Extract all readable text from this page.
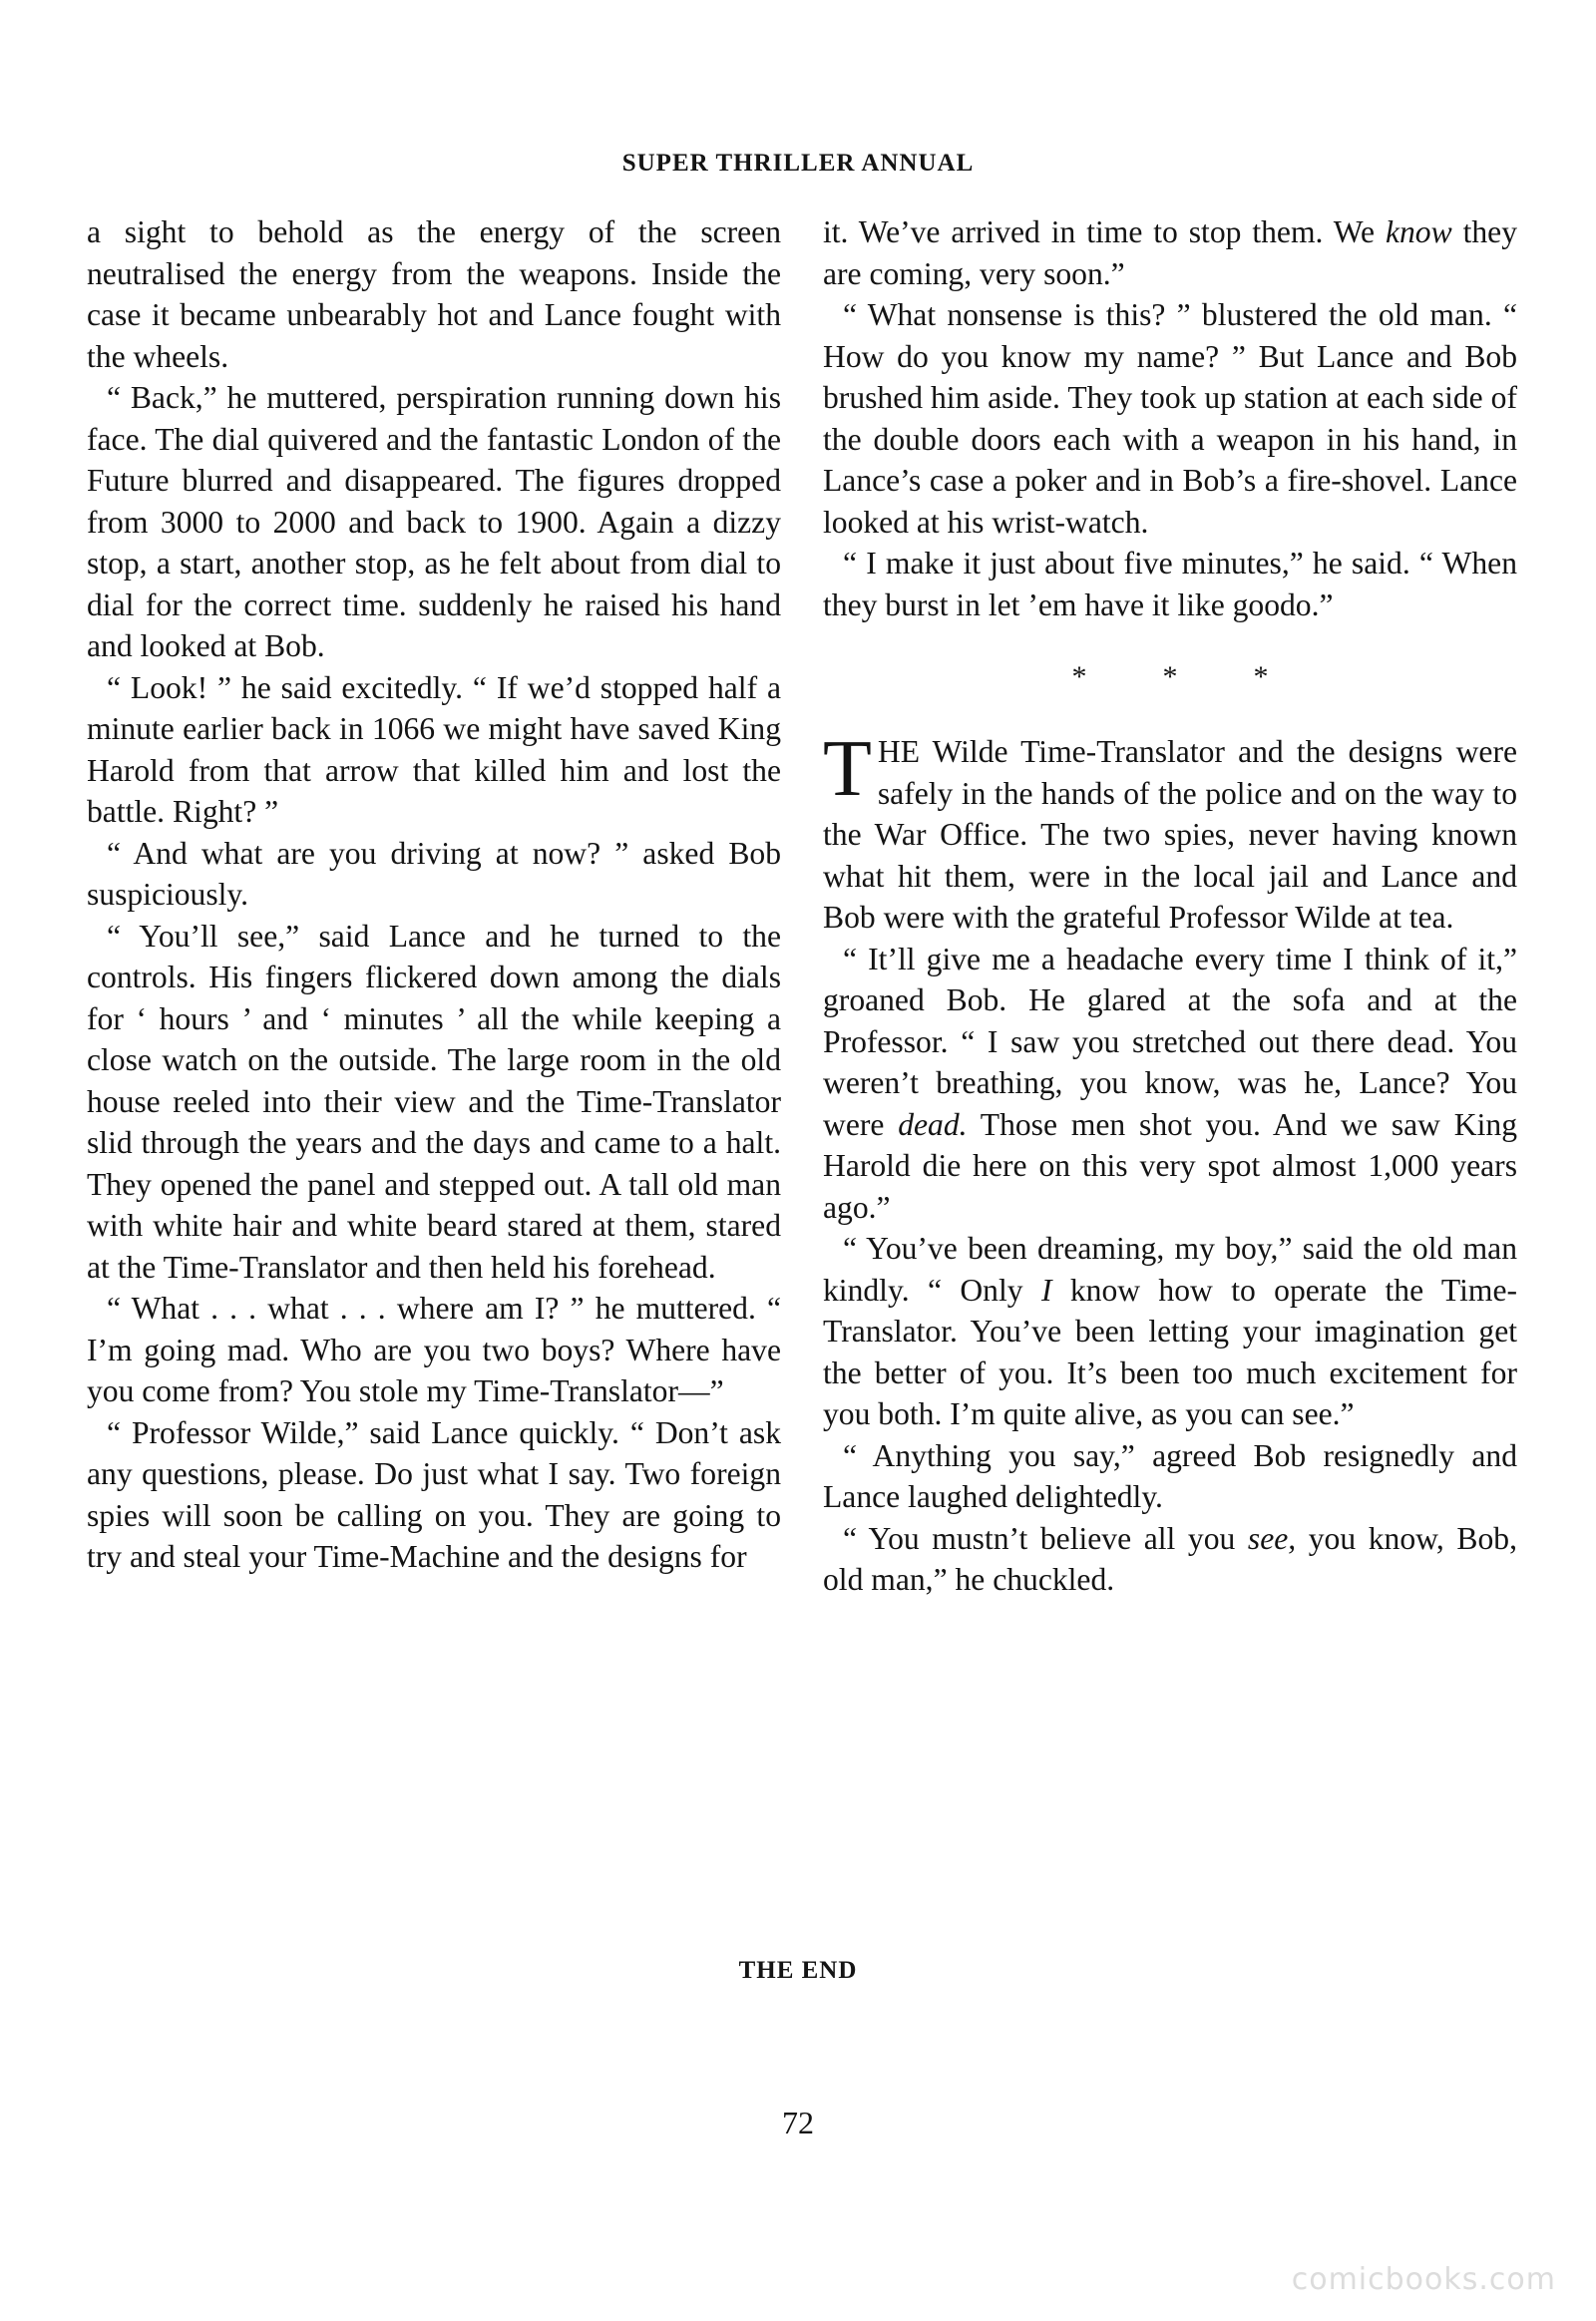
SUPER THRILLER ANNUAL

a sight to behold as the energy of the screen neutralised the energy from the weapons. Inside the case it became unbearably hot and Lance fought with the wheels.

“ Back,” he muttered, perspiration running down his face. The dial quivered and the fantastic London of the Future blurred and disappeared. The figures dropped from 3000 to 2000 and back to 1900. Again a dizzy stop, a start, another stop, as he felt about from dial to dial for the correct time. suddenly he raised his hand and looked at Bob.

“ Look! ” he said excitedly. “ If we’d stopped half a minute earlier back in 1066 we might have saved King Harold from that arrow that killed him and lost the battle. Right? ”

“ And what are you driving at now? ” asked Bob suspiciously.

“ You’ll see,” said Lance and he turned to the controls. His fingers flickered down among the dials for ‘ hours ’ and ‘ minutes ’ all the while keeping a close watch on the outside. The large room in the old house reeled into their view and the Time-Translator slid through the years and the days and came to a halt. They opened the panel and stepped out. A tall old man with white hair and white beard stared at them, stared at the Time-Translator and then held his forehead.

“ What . . . what . . . where am I? ” he muttered. “ I’m going mad. Who are you two boys? Where have you come from? You stole my Time-Translator—”

“ Professor Wilde,” said Lance quickly. “ Don’t ask any questions, please. Do just what I say. Two foreign spies will soon be calling on you. They are going to try and steal your Time-Machine and the designs for

it. We’ve arrived in time to stop them. We know they are coming, very soon.”

“ What nonsense is this? ” blustered the old man. “ How do you know my name? ” But Lance and Bob brushed him aside. They took up station at each side of the double doors each with a weapon in his hand, in Lance’s case a poker and in Bob’s a fire-shovel. Lance looked at his wrist-watch.

“ I make it just about five minutes,” he said. “ When they burst in let ’em have it like goodo.”

*	*	*

THE Wilde Time-Translator and the designs were safely in the hands of the police and on the way to the War Office. The two spies, never having known what hit them, were in the local jail and Lance and Bob were with the grateful Professor Wilde at tea.

“ It’ll give me a headache every time I think of it,” groaned Bob. He glared at the sofa and at the Professor. “ I saw you stretched out there dead. You weren’t breathing, you know, was he, Lance? You were dead. Those men shot you. And we saw King Harold die here on this very spot almost 1,000 years ago.”

“ You’ve been dreaming, my boy,” said the old man kindly. “ Only I know how to operate the Time-Translator. You’ve been letting your imagination get the better of you. It’s been too much excitement for you both. I’m quite alive, as you can see.”

“ Anything you say,” agreed Bob resignedly and Lance laughed delightedly.

“ You mustn’t believe all you see, you know, Bob, old man,” he chuckled.

THE END
72
comicbooks.com
